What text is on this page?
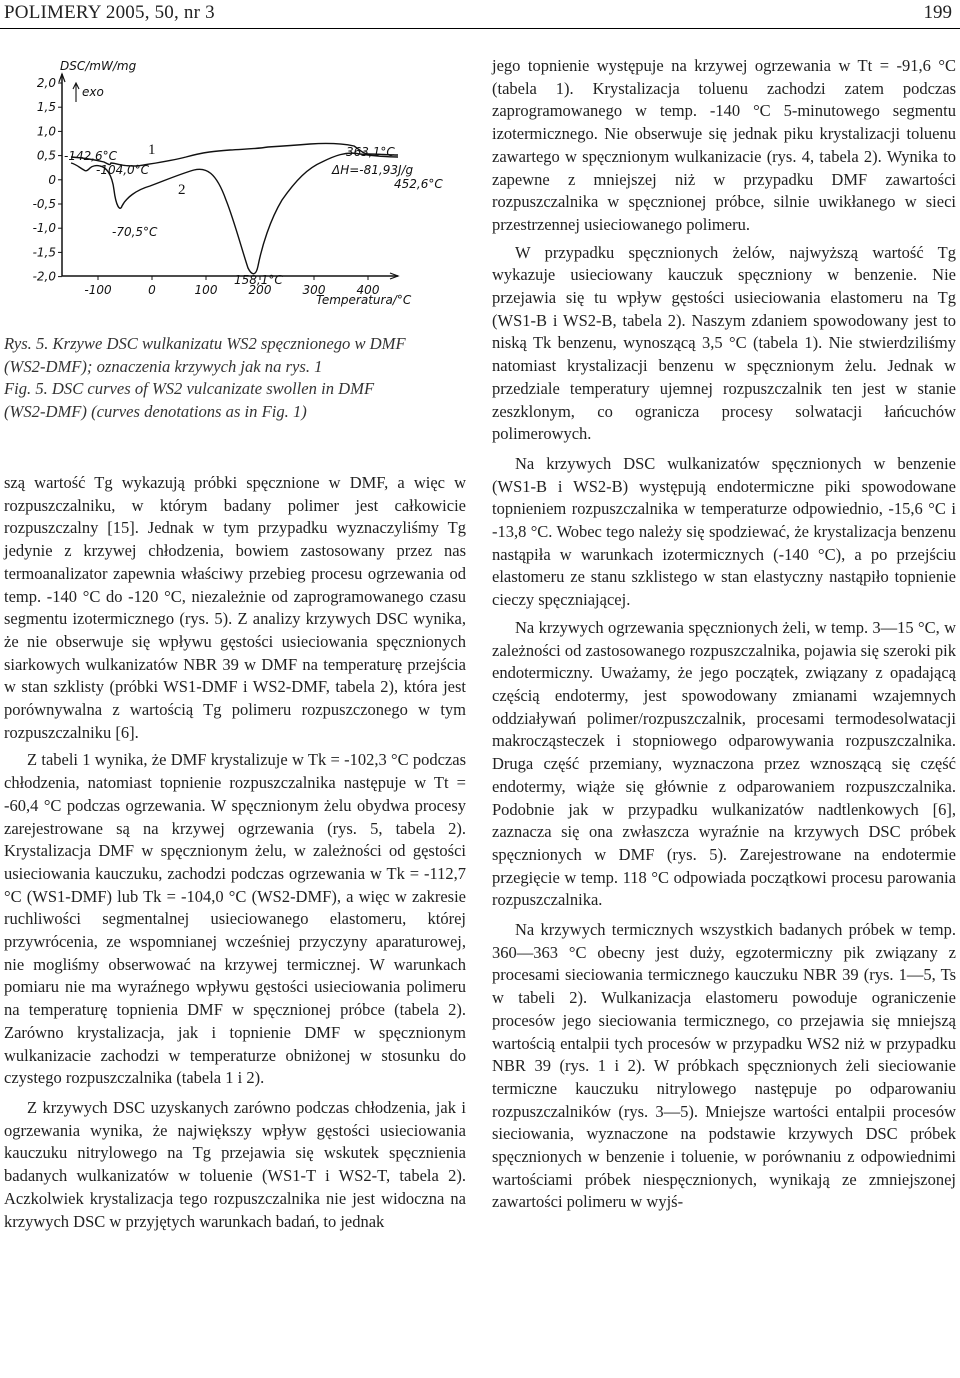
POLIMERY 2005, 50, nr 3	199
exo
DSC/mW/mg
Temperatura/°C
2,0
1,5
1,0
0,5
0
-0,5
-1,0
-1,5
-2,0
-100	0	100	200	300	400
-142,6°C
-104,0°C
-70,5°C
158,1°C
363,1°C
ΔH=-81,93J/g
452,6°C
1
2
Rys. 5. Krzywe DSC wulkanizatu WS2 spęcznionego w DMF
(WS2-DMF); oznaczenia krzywych jak na rys. 1
Fig. 5. DSC curves of WS2 vulcanizate swollen in DMF
(WS2-DMF) (curves denotations as in Fig. 1)

szą wartość Tg wykazują próbki spęcznione w DMF, a więc w rozpuszczalniku, w którym badany polimer jest całkowicie rozpuszczalny [15]. Jednak w tym przypadku wyznaczyliśmy Tg jedynie z krzywej chłodzenia, bowiem zastosowany przez nas termoanalizator zapewnia właściwy przebieg procesu ogrzewania od temp. -140 °C do -120 °C, niezależnie od zaprogramowanego czasu segmentu izotermicznego (rys. 5). Z analizy krzywych DSC wynika, że nie obserwuje się wpływu gęstości usieciowania spęcznionych siarkowych wulkanizatów NBR 39 w DMF na temperaturę przejścia w stan szklisty (próbki WS1-DMF i WS2-DMF, tabela 2), która jest porównywalna z wartością Tg polimeru rozpuszczonego w tym rozpuszczalniku [6].

Z tabeli 1 wynika, że DMF krystalizuje w Tk = -102,3 °C podczas chłodzenia, natomiast topnienie rozpuszczalnika następuje w Tt = -60,4 °C podczas ogrzewania. W spęcznionym żelu obydwa procesy zarejestrowane są na krzywej ogrzewania (rys. 5, tabela 2). Krystalizacja DMF w spęcznionym żelu, w zależności od gęstości usieciowania kauczuku, zachodzi podczas ogrzewania w Tk = -112,7 °C (WS1-DMF) lub Tk = -104,0 °C (WS2-DMF), a więc w zakresie ruchliwości segmentalnej usieciowanego elastomeru, której przywrócenia, ze wspomnianej wcześniej przyczyny aparaturowej, nie mogliśmy obserwować na krzywej termicznej. W warunkach pomiaru nie ma wyraźnego wpływu gęstości usieciowania polimeru na temperaturę topnienia DMF w spęcznionej próbce (tabela 2). Zarówno krystalizacja, jak i topnienie DMF w spęcznionym wulkanizacie zachodzi w temperaturze obniżonej w stosunku do czystego rozpuszczalnika (tabela 1 i 2).

Z krzywych DSC uzyskanych zarówno podczas chłodzenia, jak i ogrzewania wynika, że największy wpływ gęstości usieciowania kauczuku nitrylowego na Tg przejawia się wskutek spęcznienia badanych wulkanizatów w toluenie (WS1-T i WS2-T, tabela 2). Aczkolwiek krystalizacja tego rozpuszczalnika nie jest widoczna na krzywych DSC w przyjętych warunkach badań, to jednak

jego topnienie występuje na krzywej ogrzewania w Tt = -91,6 °C (tabela 1). Krystalizacja toluenu zachodzi zatem podczas zaprogramowanego w temp. -140 °C 5-minutowego segmentu izotermicznego. Nie obserwuje się jednak piku krystalizacji toluenu zawartego w spęcznionym wulkanizacie (rys. 4, tabela 2). Wynika to zapewne z mniejszej niż w przypadku DMF zawartości rozpuszczalnika w spęcznionej próbce, silnie uwikłanego w sieci przestrzennej usieciowanego polimeru.

W przypadku spęcznionych żelów, najwyższą wartość Tg wykazuje usieciowany kauczuk spęczniony w benzenie. Nie przejawia się tu wpływ gęstości usieciowania elastomeru na Tg (WS1-B i WS2-B, tabela 2). Naszym zdaniem spowodowany jest to niską Tk benzenu, wynoszącą 3,5 °C (tabela 1). Nie stwierdziliśmy natomiast krystalizacji benzenu w spęcznionym żelu. Jednak w przedziale temperatury ujemnej rozpuszczalnik ten jest w stanie zeszklonym, co ogranicza procesy solwatacji łańcuchów polimerowych.

Na krzywych DSC wulkanizatów spęcznionych w benzenie (WS1-B i WS2-B) występują endotermiczne piki spowodowane topnieniem rozpuszczalnika w temperaturze odpowiednio, -15,6 °C i -13,8 °C. Wobec tego należy się spodziewać, że krystalizacja benzenu nastąpiła w warunkach izotermicznych (-140 °C), a po przejściu elastomeru ze stanu szklistego w stan elastyczny nastąpiło topnienie cieczy spęczniającej.

Na krzywych ogrzewania spęcznionych żeli, w temp. 3—15 °C, w zależności od zastosowanego rozpuszczalnika, pojawia się szeroki pik endotermiczny. Uważamy, że jego początek, związany z opadającą częścią endotermy, jest spowodowany zmianami wzajemnych oddziaływań polimer/rozpuszczalnik, procesami termodesolwatacji makrocząsteczek i stopniowego odparowywania rozpuszczalnika. Druga część przemiany, wyznaczona przez wznoszącą się część endotermy, wiąże się głównie z odparowaniem rozpuszczalnika. Podobnie jak w przypadku wulkanizatów nadtlenkowych [6], zaznacza się ona zwłaszcza wyraźnie na krzywych DSC próbek spęcznionych w DMF (rys. 5). Zarejestrowane na endotermie przegięcie w temp. 118 °C odpowiada początkowi procesu parowania rozpuszczalnika.

Na krzywych termicznych wszystkich badanych próbek w temp. 360—363 °C obecny jest duży, egzotermiczny pik związany z procesami sieciowania termicznego kauczuku NBR 39 (rys. 1—5, Ts w tabeli 2). Wulkanizacja elastomeru powoduje ograniczenie procesów jego sieciowania termicznego, co przejawia się mniejszą wartością entalpii tych procesów w przypadku WS2 niż w przypadku NBR 39 (rys. 1 i 2). W próbkach spęcznionych żeli sieciowanie termiczne kauczuku nitrylowego następuje po odparowaniu rozpuszczalników (rys. 3—5). Mniejsze wartości entalpii procesów sieciowania, wyznaczone na podstawie krzywych DSC próbek spęcznionych w benzenie i toluenie, w porównaniu z odpowiednimi wartościami próbek niespęcznionych, wynikają ze zmniejszonej zawartości polimeru w wyjś-
